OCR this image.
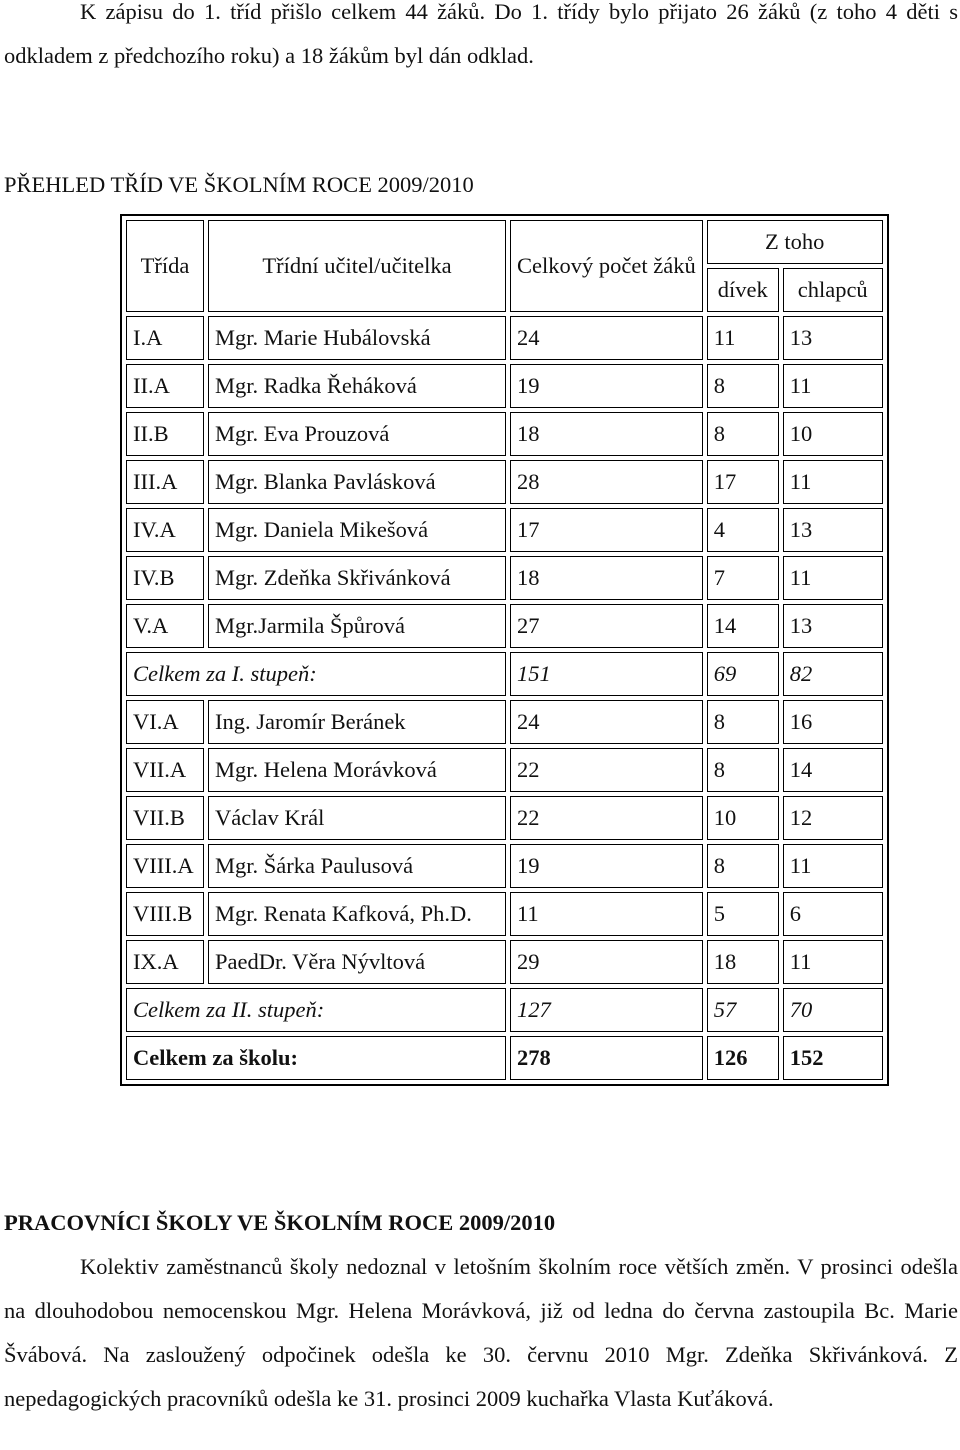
K zápisu do 1. tříd přišlo celkem 44 žáků. Do 1. třídy bylo přijato 26 žáků (z toho 4 děti s odkladem z předchozího roku) a 18 žákům byl dán odklad.

PŘEHLED TŘÍD VE ŠKOLNÍM ROCE 2009/2010
Třída	Třídní učitel/učitelka	Celkový počet žáků	Z toho	
			dívek	chlapců
I.A	Mgr. Marie Hubálovská	24	11	13
II.A	Mgr. Radka Řeháková	19	8	11
II.B	Mgr. Eva Prouzová	18	8	10
III.A	Mgr. Blanka Pavlásková	28	17	11
IV.A	Mgr. Daniela Mikešová	17	4	13
IV.B	Mgr. Zdeňka Skřivánková	18	7	11
V.A	Mgr.Jarmila Špůrová	27	14	13
Celkem za I. stupeň:		151	69	82
VI.A	Ing. Jaromír Beránek	24	8	16
VII.A	Mgr. Helena Morávková	22	8	14
VII.B	Václav Král	22	10	12
VIII.A	Mgr. Šárka Paulusová	19	8	11
VIII.B	Mgr. Renata Kafková, Ph.D.	11	5	6
IX.A	PaedDr. Věra Nývltová	29	18	11
Celkem za II. stupeň:		127	57	70
Celkem za školu:		278	126	152
PRACOVNÍCI ŠKOLY VE ŠKOLNÍM ROCE 2009/2010

Kolektiv zaměstnanců školy nedoznal v letošním školním roce větších změn. V prosinci odešla na dlouhodobou nemocenskou Mgr. Helena Morávková, již od ledna do června zastoupila Bc. Marie Švábová. Na zasloužený odpočinek odešla ke 30. červnu 2010 Mgr. Zdeňka Skřivánková. Z nepedagogických pracovníků odešla ke 31. prosinci 2009 kuchařka Vlasta Kuťáková.
